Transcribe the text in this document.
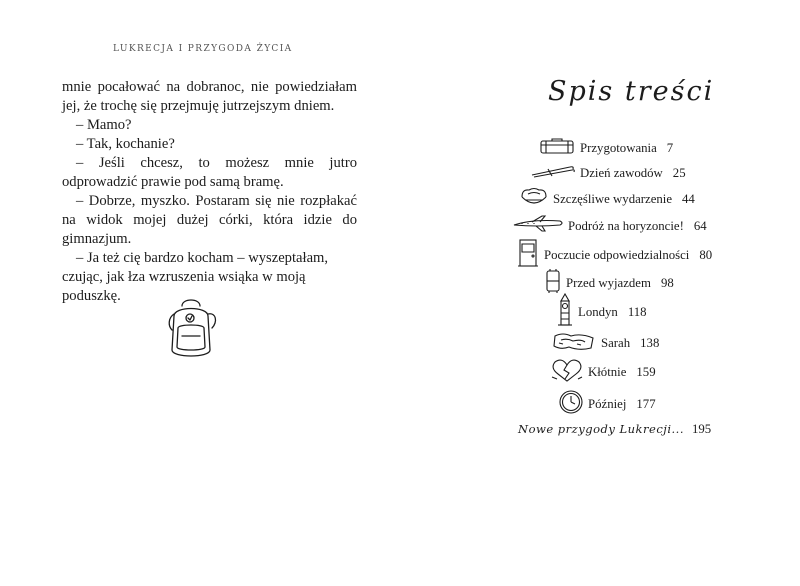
LUKRECJA I PRZYGODA ŻYCIA

mnie pocałować na dobranoc, nie powiedziałam jej, że trochę się przejmuję jutrzejszym dniem.

– Mamo?

– Tak, kochanie?

– Jeśli chcesz, to możesz mnie jutro odprowadzić prawie pod samą bramę.

– Dobrze, myszko. Postaram się nie rozpłakać na widok mojej dużej córki, która idzie do gimnazjum.

– Ja też cię bardzo kocham – wyszeptałam, czując, jak łza wzruszenia wsiąka w moją poduszkę.

Spis treści
Przygotowania 7
Dzień zawodów 25
Szczęśliwe wydarzenie 44
Podróż na horyzoncie! 64
Poczucie odpowiedzialności 80
Przed wyjazdem 98
Londyn 118
Sarah 138
Kłótnie 159
Później 177
Nowe przygody Lukrecji... 195
